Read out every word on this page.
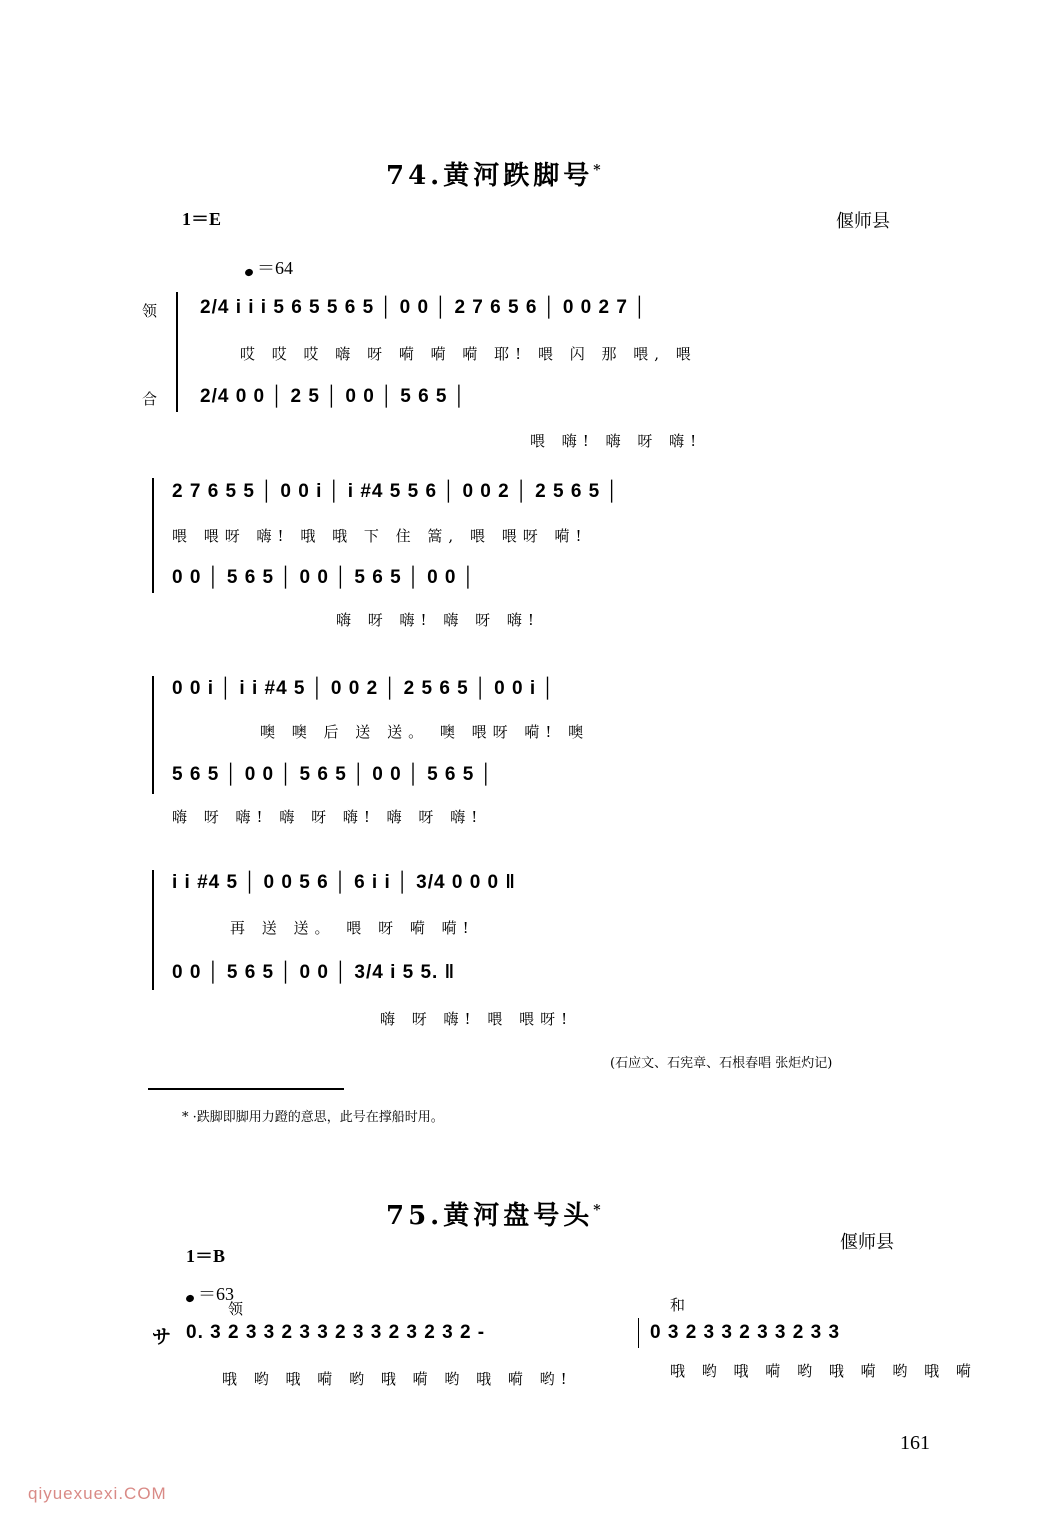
74.黄河跌脚号*
1＝E	偃师县
＝64
领
合
2/4 i i i 5 6 5 5 6 5 │ 0 0 │ 2 7 6 5 6 │ 0 0 2 7 │
哎 哎 哎 嗨 呀 嗬 嗬 嗬 耶! 喂 闪 那 喂, 喂
2/4 0 0 │ 2 5 │ 0 0 │ 5 6 5 │
喂 嗨! 嗨 呀 嗨!
2 7 6 5 5 │ 0 0 i │ i #4 5 5 6 │ 0 0 2 │ 2 5 6 5 │
喂 喂呀 嗨! 哦 哦 下 住 篙, 喂 喂呀 嗬!
0 0 │ 5 6 5 │ 0 0 │ 5 6 5 │ 0 0 │
嗨 呀 嗨! 嗨 呀 嗨!
0 0 i │ i i #4 5 │ 0 0 2 │ 2 5 6 5 │ 0 0 i │
噢 噢 后 送 送。 噢 喂呀 嗬! 噢
5 6 5 │ 0 0 │ 5 6 5 │ 0 0 │ 5 6 5 │
嗨 呀 嗨! 嗨 呀 嗨! 嗨 呀 嗨!
i i #4 5 │ 0 0 5 6 │ 6 i i │ 3/4 0 0 0 ‖
再 送 送。 喂 呀 嗬 嗬!
0 0 │ 5 6 5 │ 0 0 │ 3/4 i 5 5. ‖
嗨 呀 嗨! 喂 喂呀!
(石应文、石宪章、石根春唱 张炬灼记)
* ·跌脚即脚用力蹬的意思，此号在撑船时用。
75.黄河盘号头*
偃师县
1＝B
＝63
领	和
サ 0. 3 2 3 3 2 3 3 2 3 3 2 3 2 3 2 -	0 3 2 3 3 2 3 3 2 3 3
哦 哟 哦 嗬 哟 哦 嗬 哟 哦 嗬 哟!	哦 哟 哦 嗬 哟 哦 嗬 哟 哦 嗬
161
qiyuexuexi.COM
